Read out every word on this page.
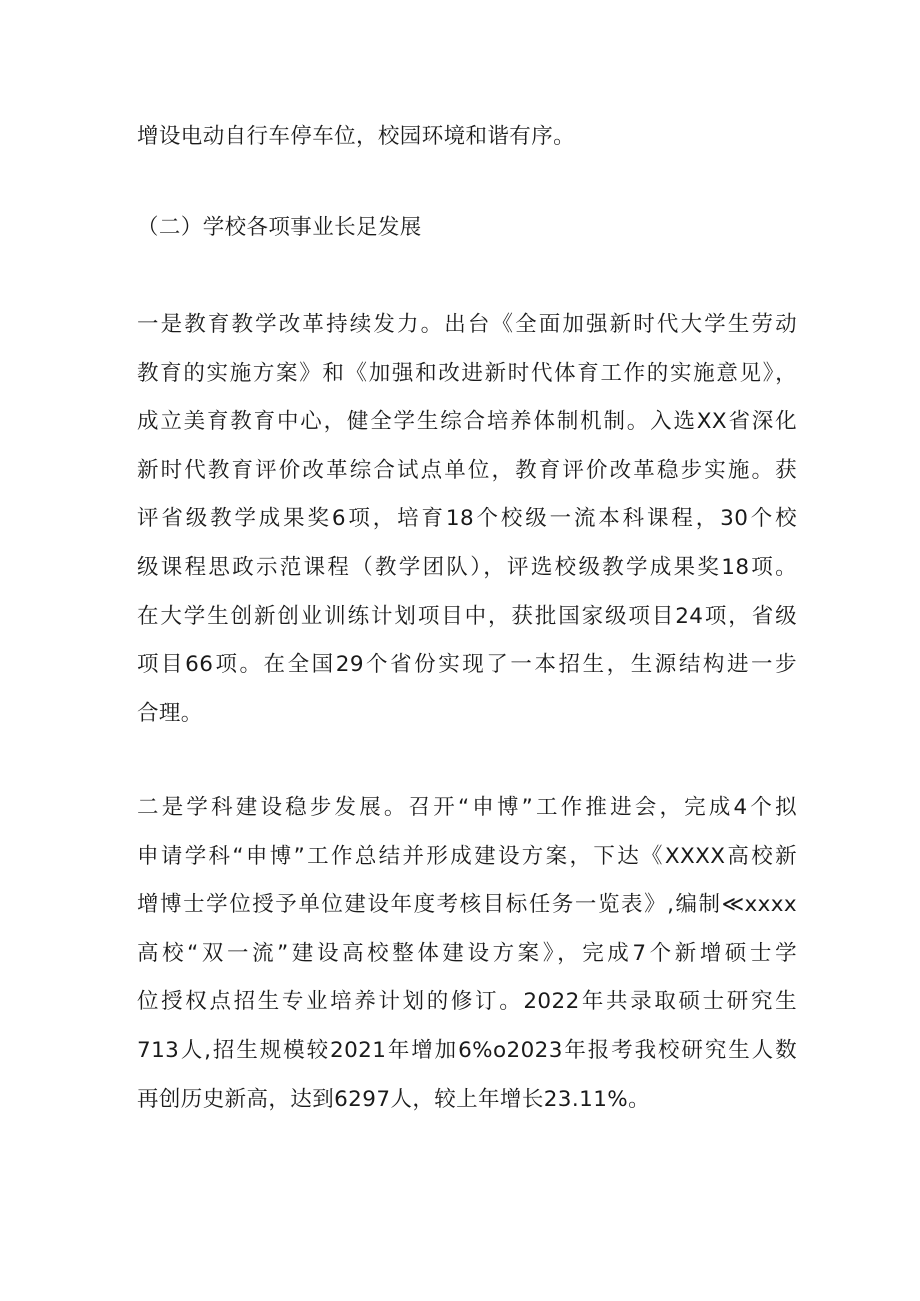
增设电动自行车停车位，校园环境和谐有序。
（二）学校各项事业长足发展
一是教育教学改革持续发力。出台《全面加强新时代大学生劳动
教育的实施方案》和《加强和改进新时代体育工作的实施意见》，
成立美育教育中心，健全学生综合培养体制机制。入选XX省深化
新时代教育评价改革综合试点单位，教育评价改革稳步实施。获
评省级教学成果奖6项，培育18个校级一流本科课程，30个校
级课程思政示范课程（教学团队），评选校级教学成果奖18项。
在大学生创新创业训练计划项目中，获批国家级项目24项，省级
项目66项。在全国29个省份实现了一本招生，生源结构进一步
合理。
二是学科建设稳步发展。召开“申博”工作推进会，完成4个拟
申请学科“申博”工作总结并形成建设方案，下达《XXXX高校新
增博士学位授予单位建设年度考核目标任务一览表》,编制≪xxxx
高校“双一流”建设高校整体建设方案》，完成7个新增硕士学
位授权点招生专业培养计划的修订。2022年共录取硕士研究生
713人,招生规模较2021年增加6%o2023年报考我校研究生人数
再创历史新高，达到6297人，较上年增长23.11%。
